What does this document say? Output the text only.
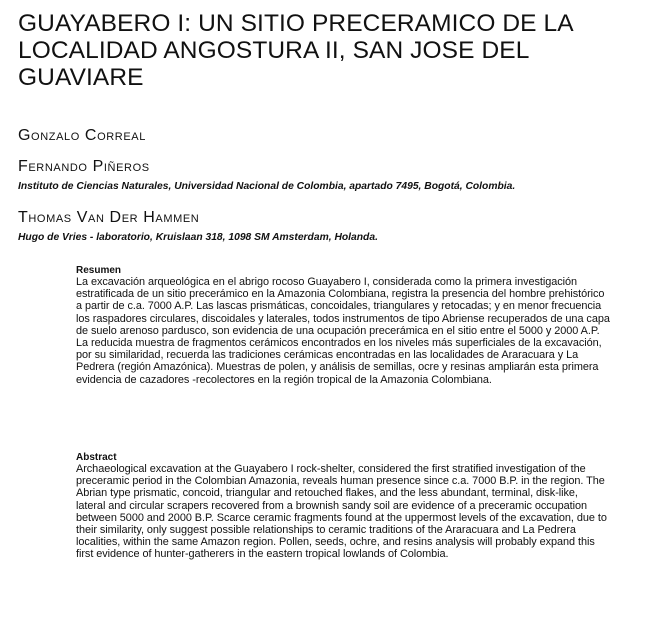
GUAYABERO I: UN SITIO PRECERAMICO DE LA LOCALIDAD ANGOSTURA II, SAN JOSE DEL GUAVIARE

Gonzalo Correal

Fernando Piñeros

Instituto de Ciencias Naturales, Universidad Nacional de Colombia, apartado 7495, Bogotá, Colombia.

Thomas Van Der Hammen

Hugo de Vries - laboratorio, Kruislaan 318, 1098 SM Amsterdam, Holanda.

Resumen

La excavación arqueológica en el abrigo rocoso Guayabero I, considerada como la primera investigación estratificada de un sitio precerámico en la Amazonia Colombiana, registra la presencia del hombre prehistórico a partir de c.a. 7000 A.P. Las lascas prismáticas, concoidales, triangulares y retocadas; y en menor frecuencia los raspadores circulares, discoidales y laterales, todos instrumentos de tipo Abriense recuperados de una capa de suelo arenoso pardusco, son evidencia de una ocupación precerámica en el sitio entre el 5000 y 2000 A.P. La reducida muestra de fragmentos cerámicos encontrados en los niveles más superficiales de la excavación, por su similaridad, recuerda las tradiciones cerámicas encontradas en las localidades de Araracuara y La Pedrera (región Amazónica). Muestras de polen, y análisis de semillas, ocre y resinas ampliarán esta primera evidencia de cazadores -recolectores en la región tropical de la Amazonia Colombiana.

Abstract

Archaeological excavation at the Guayabero I rock-shelter, considered the first stratified investigation of the preceramic period in the Colombian Amazonia, reveals human presence since c.a. 7000 B.P. in the region. The Abrian type prismatic, concoid, triangular and retouched flakes, and the less abundant, terminal, disk-like, lateral and circular scrapers recovered from a brownish sandy soil are evidence of a preceramic occupation between 5000 and 2000 B.P. Scarce ceramic fragments found at the uppermost levels of the excavation, due to their similarity, only suggest possible relationships to ceramic traditions of the Araracuara and La Pedrera localities, within the same Amazon region. Pollen, seeds, ochre, and resins analysis will probably expand this first evidence of hunter-gatherers in the eastern tropical lowlands of Colombia.
